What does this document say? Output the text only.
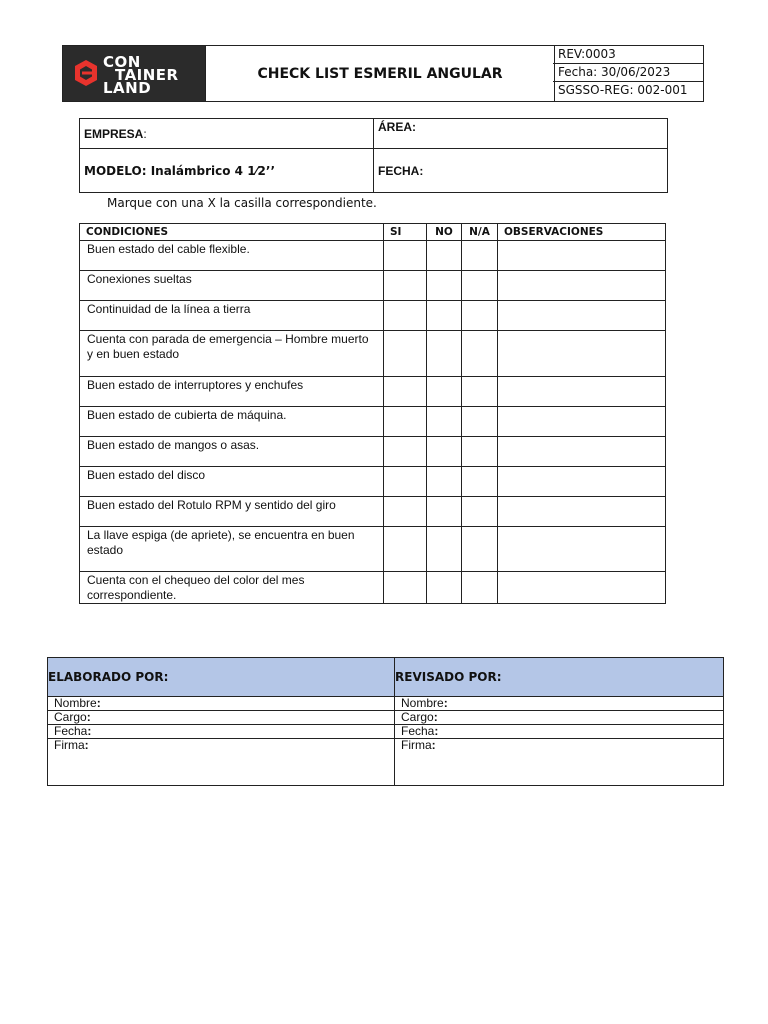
CON
TAINER
LAND
CHECK LIST ESMERIL ANGULAR
REV:0003
Fecha: 30/06/2023
SGSSO-REG: 002-001
EMPRESA:	ÁREA:
MODELO: Inalámbrico 4 1⁄2’’	FECHA:
Marque con una X la casilla correspondiente.
CONDICIONES	SI	NO	N/A	OBSERVACIONES
Buen estado del cable flexible.				
Conexiones sueltas				
Continuidad de la línea a tierra				
Cuenta con parada de emergencia – Hombre muerto y en buen estado				
Buen estado de interruptores y enchufes				
Buen estado de cubierta de máquina.				
Buen estado de mangos o asas.				
Buen estado del disco				
Buen estado del Rotulo RPM y sentido del giro				
La llave espiga (de apriete), se encuentra en buen estado				
Cuenta con el chequeo del color del mes correspondiente.				
ELABORADO POR:	REVISADO POR:
Nombre:	Nombre:
Cargo:	Cargo:
Fecha:	Fecha:
Firma:	Firma:
